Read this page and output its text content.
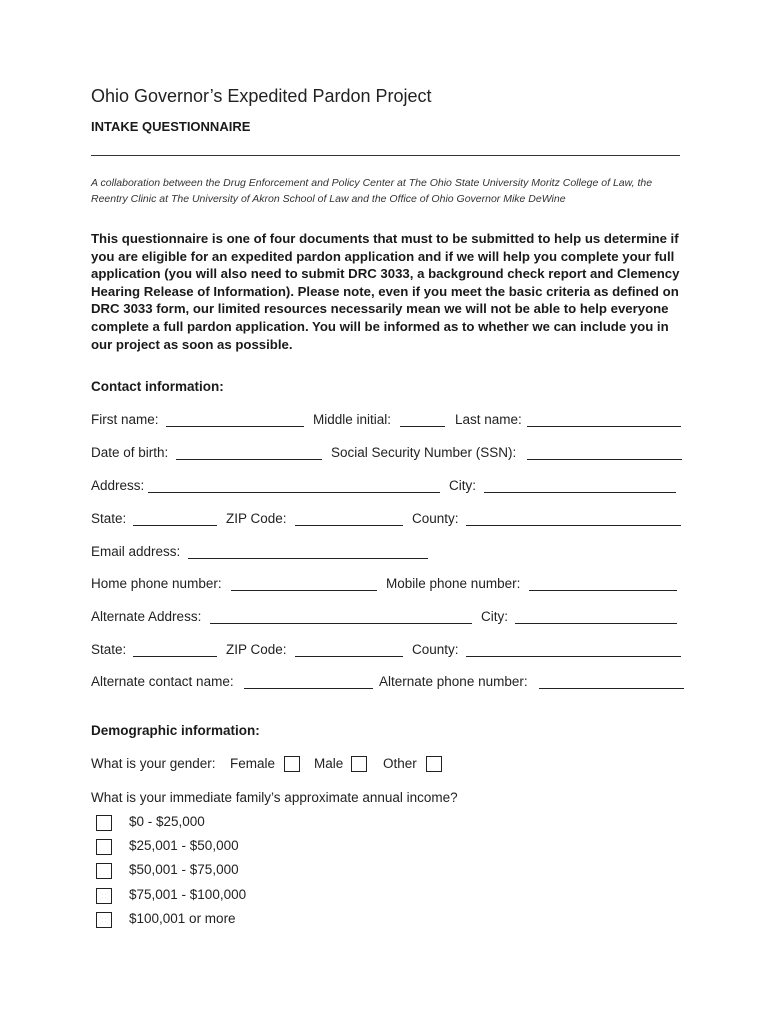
Ohio Governor’s Expedited Pardon Project
INTAKE QUESTIONNAIRE
A collaboration between the Drug Enforcement and Policy Center at The Ohio State University Moritz College of Law, the Reentry Clinic at The University of Akron School of Law and the Office of Ohio Governor Mike DeWine
This questionnaire is one of four documents that must to be submitted to help us determine if you are eligible for an expedited pardon application and if we will help you complete your full application (you will also need to submit DRC 3033, a background check report and Clemency Hearing Release of Information). Please note, even if you meet the basic criteria as defined on DRC 3033 form, our limited resources necessarily mean we will not be able to help everyone complete a full pardon application. You will be informed as to whether we can include you in our project as soon as possible.
Contact information:
First name:	Middle initial:	Last name:
Date of birth:	Social Security Number (SSN):
Address:	City:
State:	ZIP Code:	County:
Email address:
Home phone number:	Mobile phone number:
Alternate Address:	City:
State:	ZIP Code:	County:
Alternate contact name:	Alternate phone number:
Demographic information:
What is your gender: Female	Male	Other
What is your immediate family’s approximate annual income?
$0 - $25,000
$25,001 - $50,000
$50,001 - $75,000
$75,001 - $100,000
$100,001 or more
